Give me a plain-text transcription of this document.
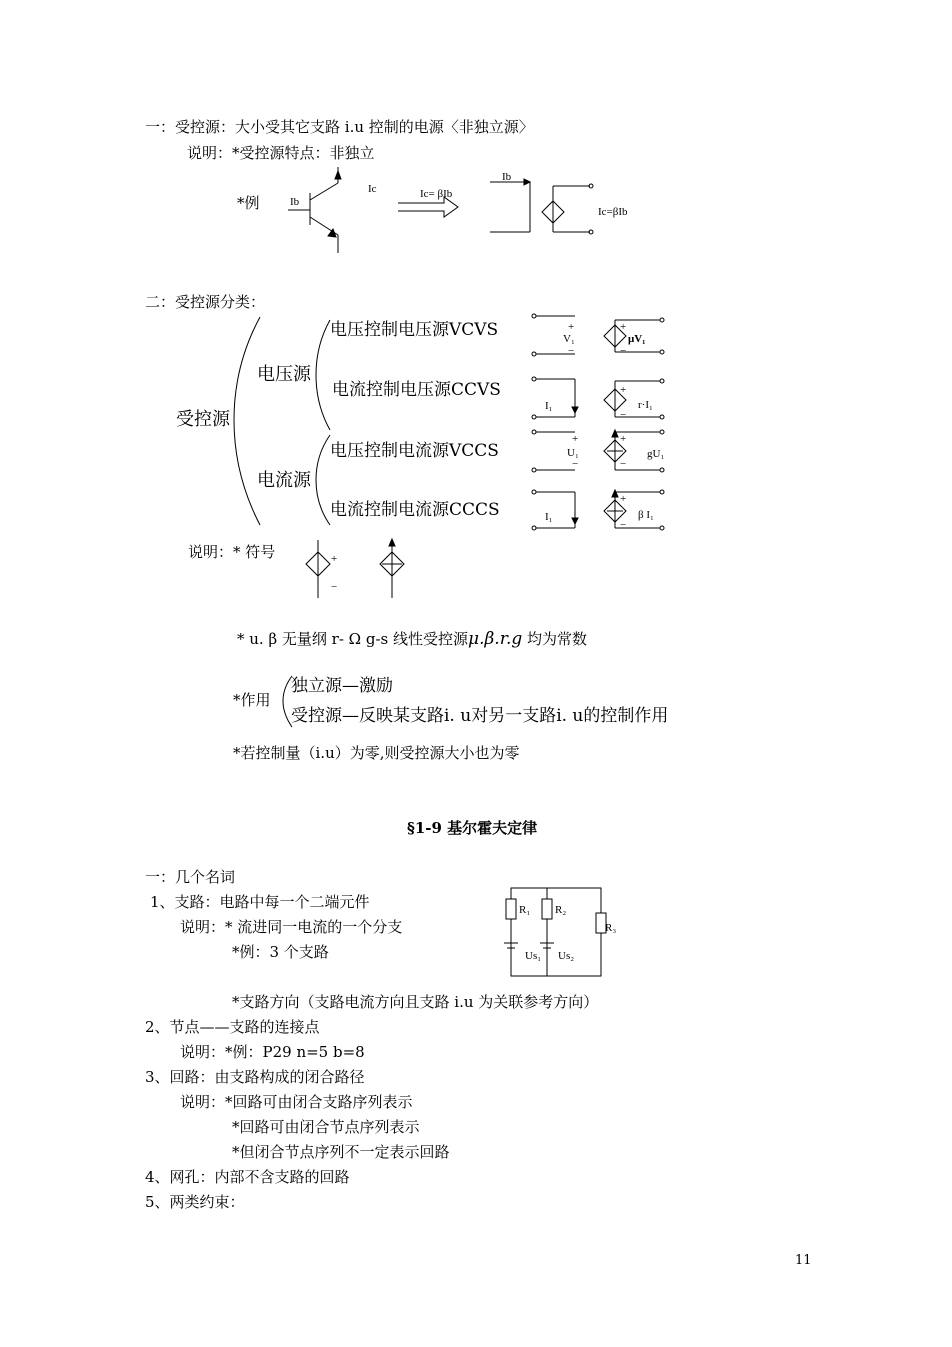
一：受控源：大小受其它支路 i.u 控制的电源〈非独立源〉
说明：*受控源特点：非独立
*例	Ib
Ic	Ic= βIb
Ib
Ic=βIb
二：受控源分类：
受控源
电压源
电流源
电压控制电压源VCVS
电流控制电压源CCVS
电压控制电流源VCCS
电流控制电流源CCCS
+
V₁
−
+
μV₁
−
I₁
+
r·I₁
−
+
U₁
−
+
gU₁
−
I₁
+
β I₁
−
说明：* 符号	+
−
* u. β 无量纲 r- Ω g-s 线性受控源μ.β.r.g 均为常数
*作用
独立源—激励
受控源—反映某支路i. u对另一支路i. u的控制作用
*若控制量（i.u）为零,则受控源大小也为零
§1-9 基尔霍夫定律
一：几个名词
1、支路：电路中每一个二端元件
说明：* 流进同一电流的一个分支
*例：3 个支路
R₁ R₂
R₃
Us₁ Us₂
*支路方向（支路电流方向且支路 i.u 为关联参考方向）
2、节点——支路的连接点
说明：*例：P29 n=5 b=8
3、回路：由支路构成的闭合路径
说明：*回路可由闭合支路序列表示
*回路可由闭合节点序列表示
*但闭合节点序列不一定表示回路
4、网孔：内部不含支路的回路
5、两类约束：
11
